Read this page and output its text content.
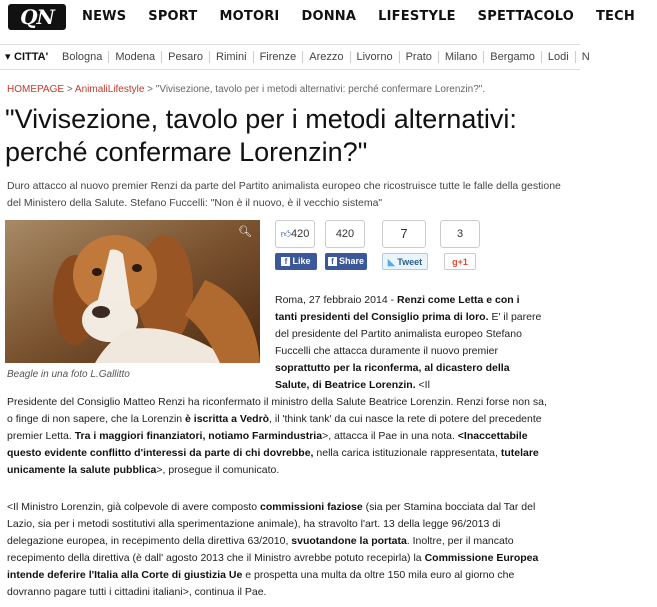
QN	NEWS SPORT MOTORI DONNA LIFESTYLE SPETTACOLO TECH
▾ CITTA' Bologna	Modena	Pesaro	Rimini	Firenze	Arezzo	Livorno	Prato	Milano	Bergamo	Lodi	N
HOMEPAGE > AnimaliLifestyle > "Vivisezione, tavolo per i metodi alternativi: perché confermare Lorenzin?".
"Vivisezione, tavolo per i metodi alternativi: perché confermare Lorenzin?"
Duro attacco al nuovo premier Renzi da parte del Partito animalista europeo che ricostruisce tutte le falle della gestione del Ministero della Salute. Stefano Fuccelli: "Non è il nuovo, è il vecchio sistema"
🔍︎
Beagle in una foto L.Gallitto
👍︎420
f Like
420
f Share
7
◣ Tweet
3
g+1
Roma, 27 febbraio 2014 - Renzi come Letta e con i tanti presidenti del Consiglio prima di loro. E' il parere del presidente del Partito animalista europeo Stefano Fuccelli che attacca duramente il nuovo premier soprattutto per la riconferma, al dicastero della Salute, di Beatrice Lorenzin. <Il
Presidente del Consiglio Matteo Renzi ha riconfermato il ministro della Salute Beatrice Lorenzin. Renzi forse non sa, o finge di non sapere, che la Lorenzin è iscritta a Vedrò, il 'think tank' da cui nasce la rete di potere del precedente premier Letta. Tra i maggiori finanziatori, notiamo Farmindustria>, attacca il Pae in una nota. <Inaccettabile questo evidente conflitto d'interessi da parte di chi dovrebbe, nella carica istituzionale rappresentata, tutelare unicamente la salute pubblica>, prosegue il comunicato.
<Il Ministro Lorenzin, già colpevole di avere composto commissioni faziose (sia per Stamina bocciata dal Tar del Lazio, sia per i metodi sostitutivi alla sperimentazione animale), ha stravolto l'art. 13 della legge 96/2013 di delegazione europea, in recepimento della direttiva 63/2010, svuotandone la portata. Inoltre, per il mancato recepimento della direttiva (è dall' agosto 2013 che il Ministro avrebbe potuto recepirla) la Commissione Europea intende deferire l'Italia alla Corte di giustizia Ue e prospetta una multa da oltre 150 mila euro al giorno che dovranno pagare tutti i cittadini italiani>, continua il Pae.
